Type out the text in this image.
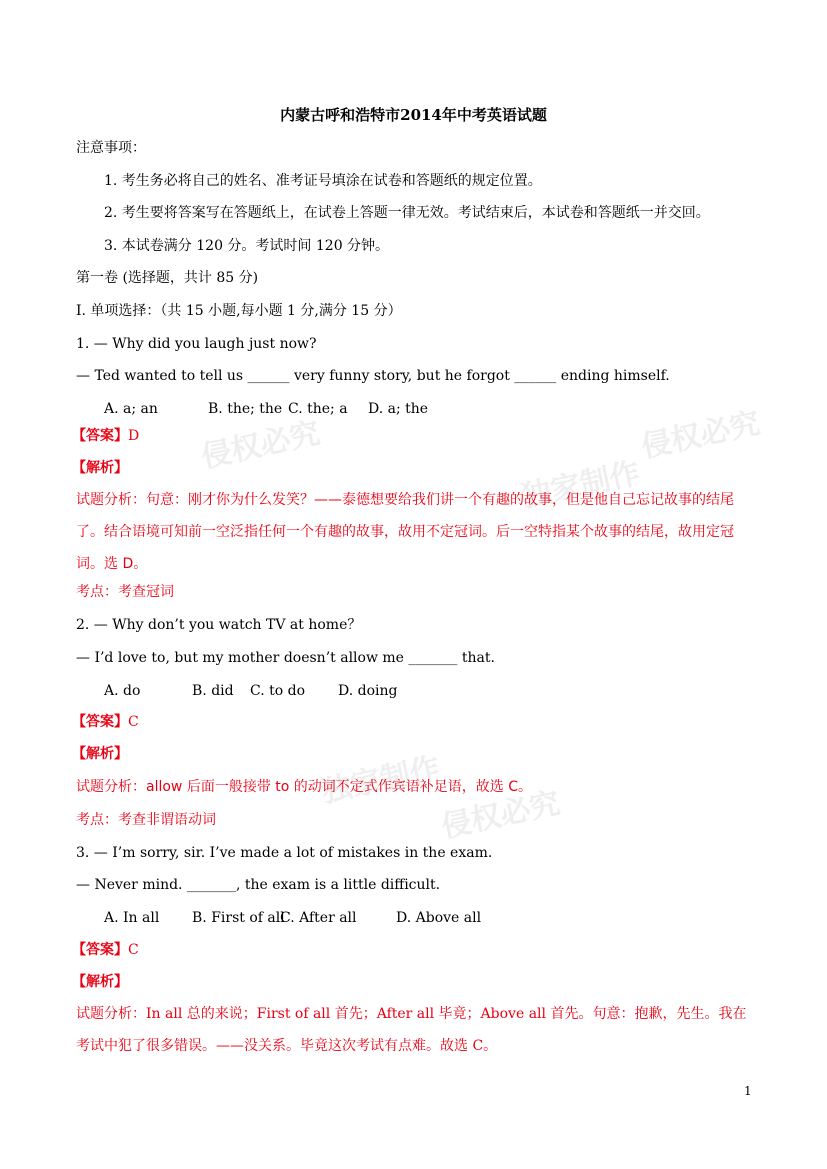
侵权必究
独家制作
侵权必究
独家制作
侵权必究
内蒙古呼和浩特市2014年中考英语试题
注意事项：
1. 考生务必将自己的姓名、准考证号填涂在试卷和答题纸的规定位置。
2. 考生要将答案写在答题纸上，在试卷上答题一律无效。考试结束后，本试卷和答题纸一并交回。
3. 本试卷满分 120 分。考试时间 120 分钟。
第一卷 (选择题，共计 85 分)
I. 单项选择：（共 15 小题,每小题 1 分,满分 15 分）
1. — Why did you laugh just now?
— Ted wanted to tell us ______ very funny story, but he forgot ______ ending himself.
A. a; an	B. the; the C. the; a D. a; the
【答案】D
【解析】
试题分析：句意：刚才你为什么发笑？——泰德想要给我们讲一个有趣的故事，但是他自己忘记故事的结尾了。结合语境可知前一空泛指任何一个有趣的故事，故用不定冠词。后一空特指某个故事的结尾，故用定冠词。选 D。
考点：考查冠词
2. — Why don’t you watch TV at home？
— I’d love to, but my mother doesn’t allow me _______ that.
A. do	B. did C. to do D. doing
【答案】C
【解析】
试题分析：allow 后面一般接带 to 的动词不定式作宾语补足语，故选 C。
考点：考查非谓语动词
3. — I’m sorry, sir. I’ve made a lot of mistakes in the exam.
— Never mind. _______, the exam is a little difficult.
A. In all B. First of all
C. After all	D. Above all
【答案】C
【解析】
试题分析：In all 总的来说；First of all 首先；After all 毕竟；Above all 首先。句意：抱歉，先生。我在考试中犯了很多错误。——没关系。毕竟这次考试有点难。故选 C。
1
